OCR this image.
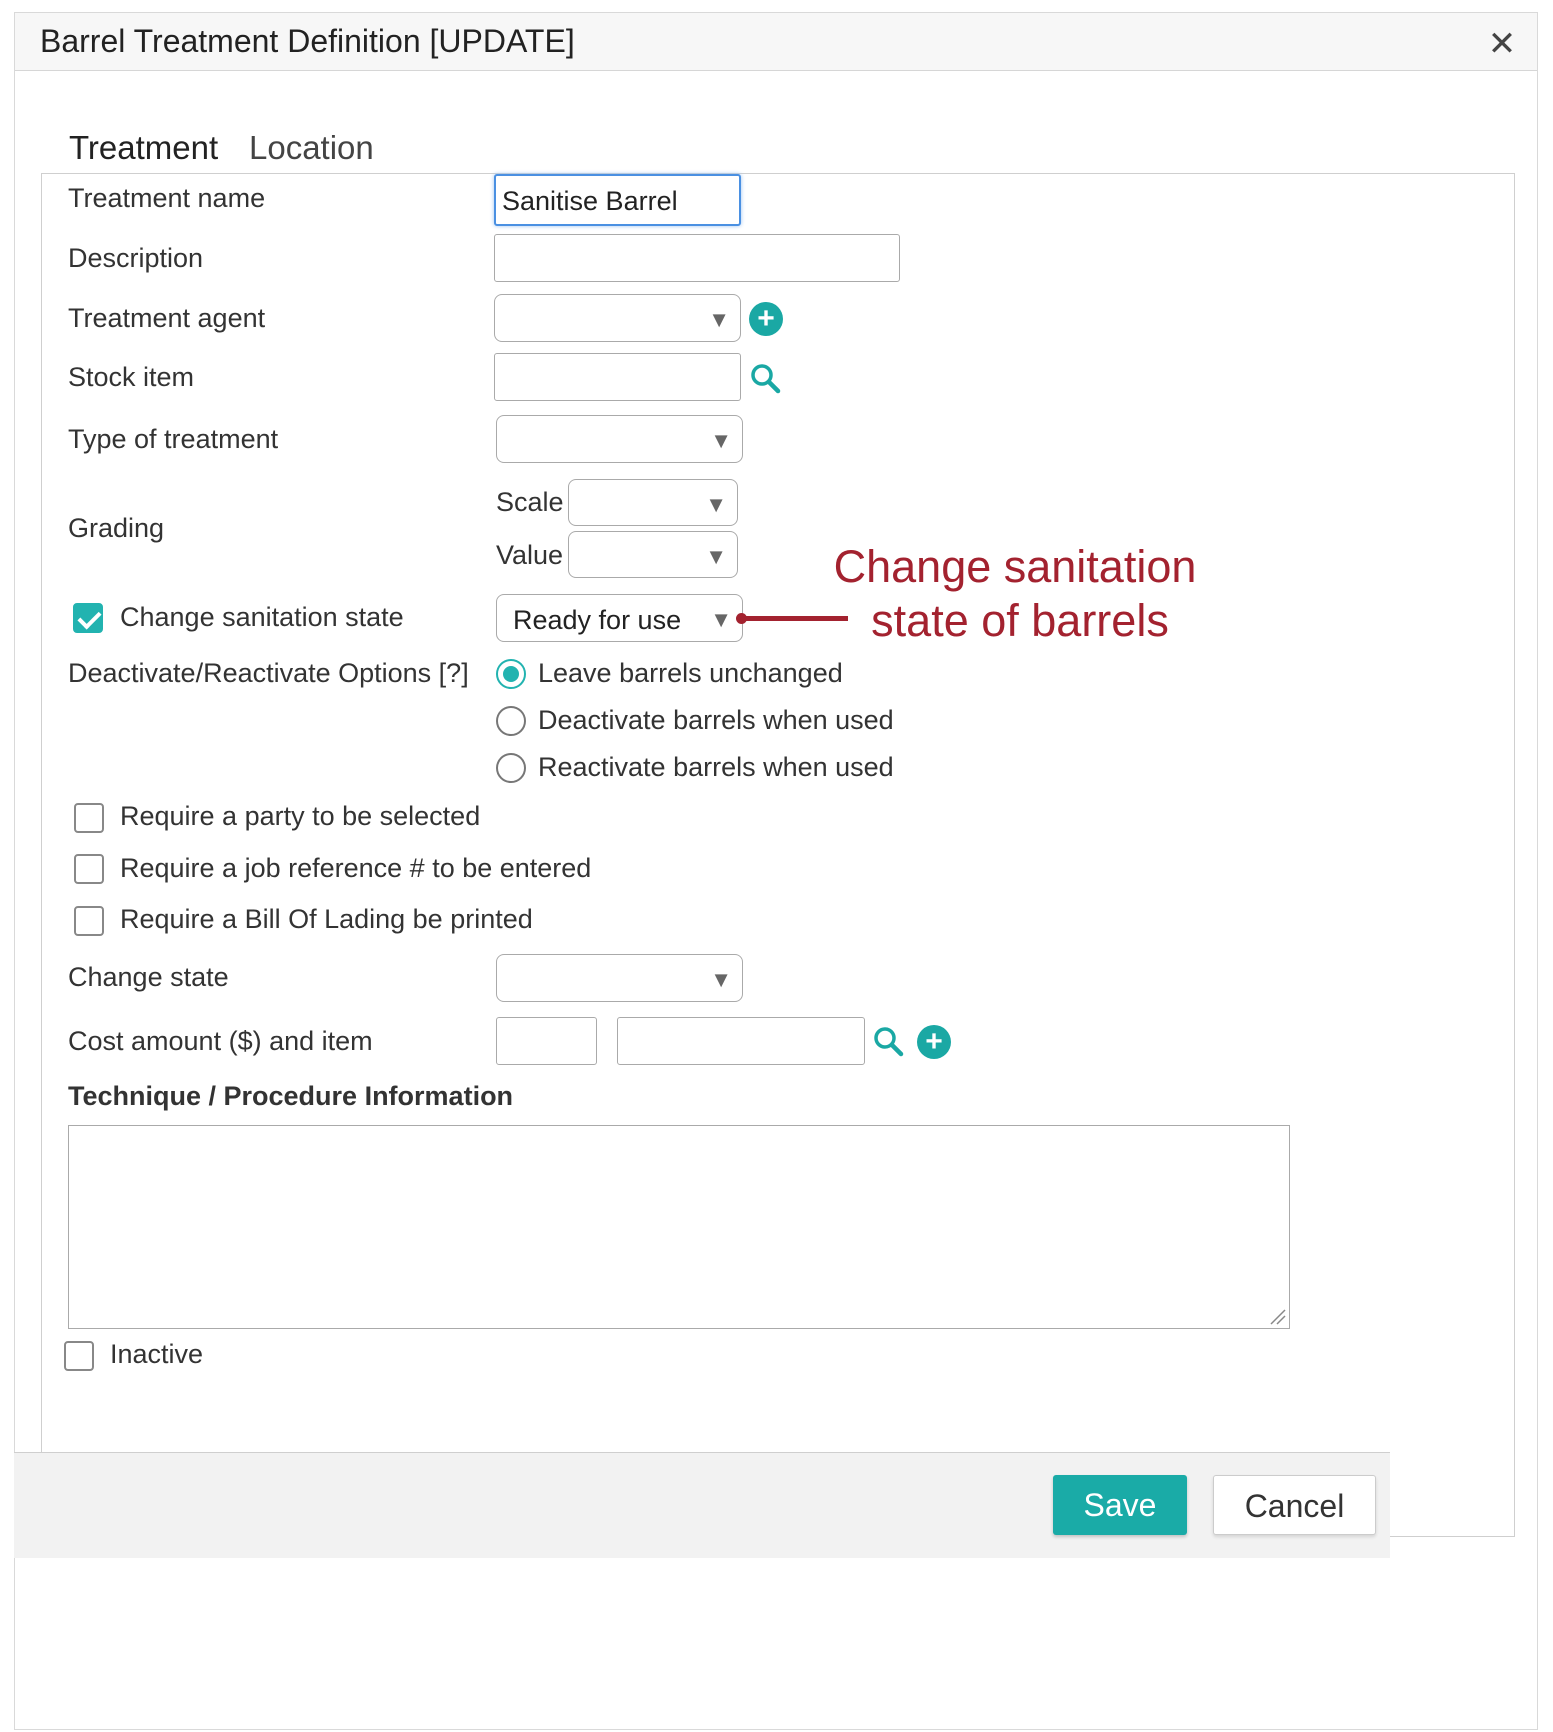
Barrel Treatment Definition [UPDATE]	✕
Treatment Location
Treatment name	Sanitise Barrel
Description
Treatment agent	▼ +
Stock item
Type of treatment	▼
Grading
Scale	▼
Value	▼
Change sanitation state	Ready for use ▼
Deactivate/Reactivate Options [?]	Leave barrels unchanged
Deactivate barrels when used
Reactivate barrels when used
Require a party to be selected
Require a job reference # to be entered
Require a Bill Of Lading be printed
Change state	▼
Cost amount ($) and item	+
Technique / Procedure Information
Inactive
Change sanitation
state of barrels
Save	Cancel
